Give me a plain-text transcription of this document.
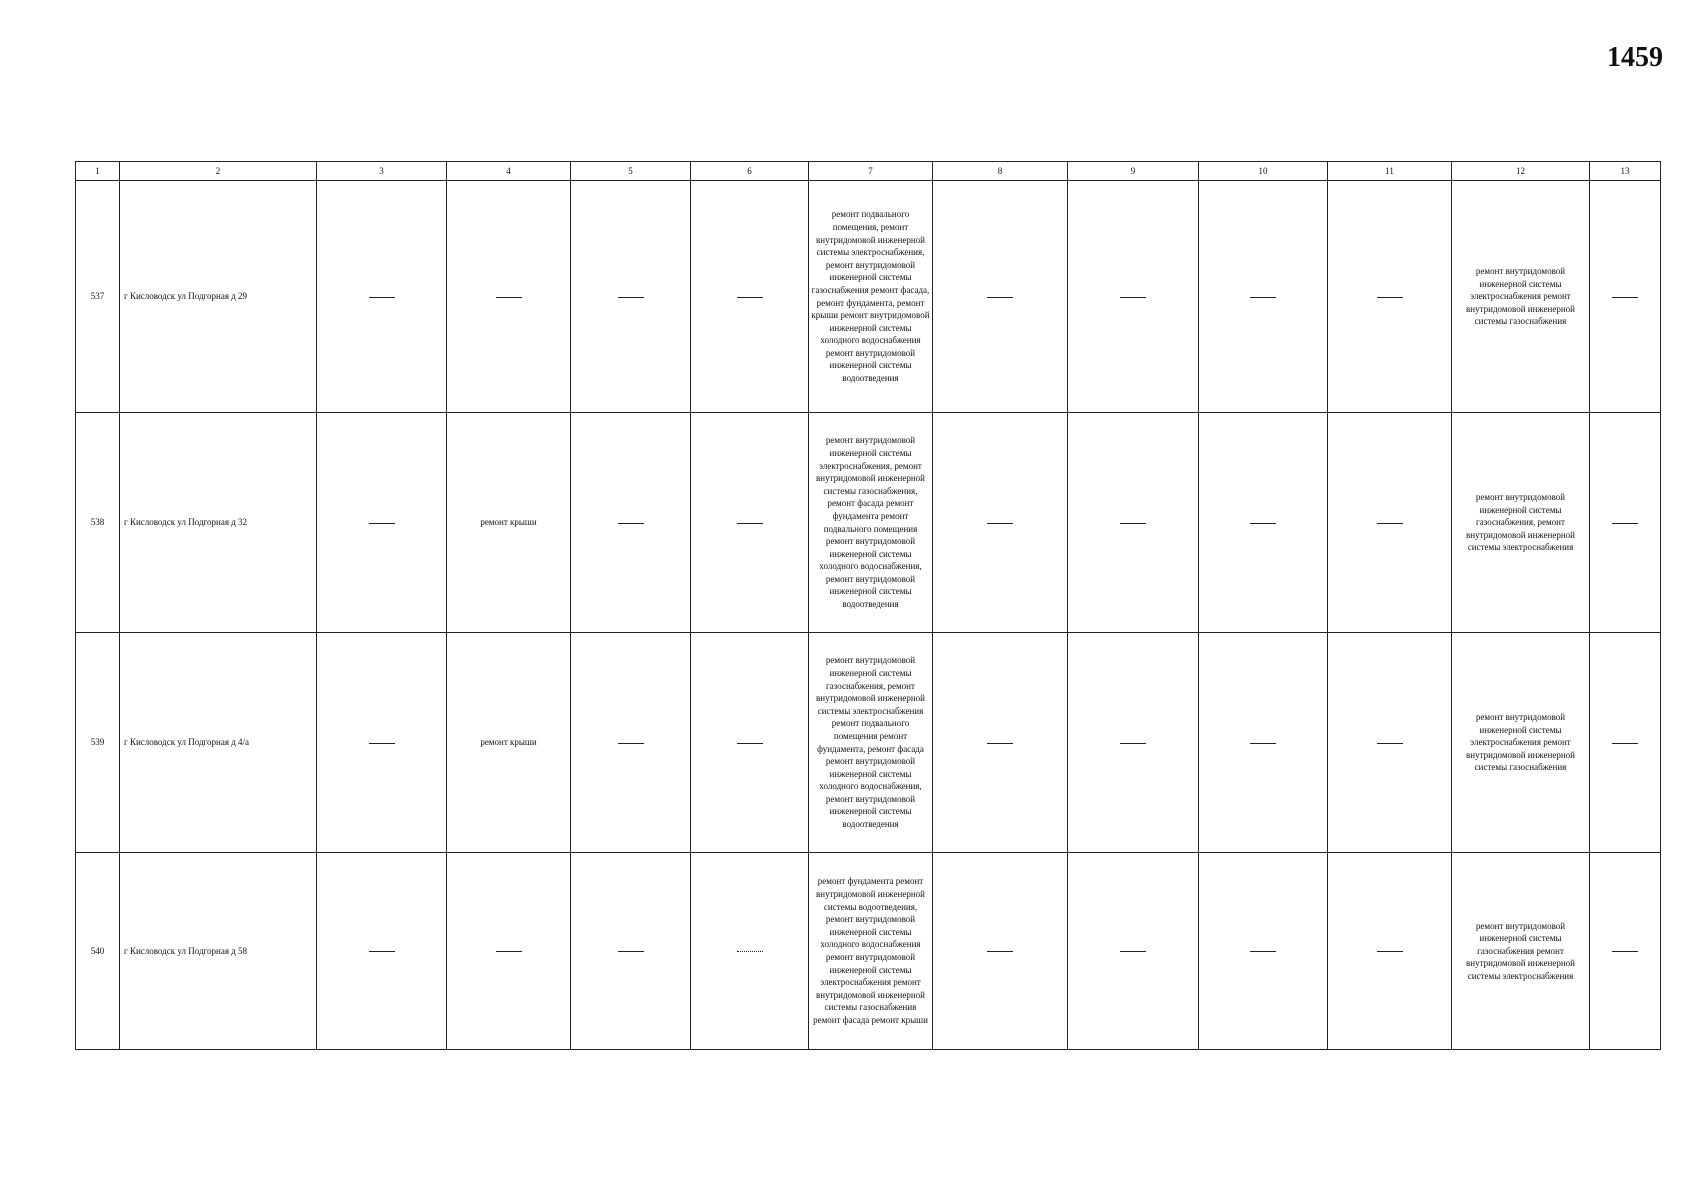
1459
1	2	3	4	5	6	7	8	9	10	11	12	13
537	г Кисловодск ул Подгорная д 29					ремонт подвального помещения, ремонт внутридомовой инженерной системы электроснабжения, ремонт внутридомовой инженерной системы газоснабжения ремонт фасада, ремонт фундамента, ремонт крыши ремонт внутридомовой инженерной системы холодного водоснабжения ремонт внутридомовой инженерной системы водоотведения					ремонт внутридомовой инженерной системы электроснабжения ремонт внутридомовой инженерной системы газоснабжения	
538	г Кисловодск ул Подгорная д 32		ремонт крыши			ремонт внутридомовой инженерной системы электроснабжения, ремонт внутридомовой инженерной системы газоснабжения, ремонт фасада ремонт фундамента ремонт подвального помещения ремонт внутридомовой инженерной системы холодного водоснабжения, ремонт внутридомовой инженерной системы водоотведения					ремонт внутридомовой инженерной системы газоснабжения, ремонт внутридомовой инженерной системы электроснабжения	
539	г Кисловодск ул Подгорная д 4/а		ремонт крыши			ремонт внутридомовой инженерной системы газоснабжения, ремонт внутридомовой инженерной системы электроснабжения ремонт подвального помещения ремонт фундамента, ремонт фасада ремонт внутридомовой инженерной системы холодного водоснабжения, ремонт внутридомовой инженерной системы водоотведения					ремонт внутридомовой инженерной системы электроснабжения ремонт внутридомовой инженерной системы газоснабжения	
540	г Кисловодск ул Подгорная д 58					ремонт фундамента ремонт внутридомовой инженерной системы водоотведения, ремонт внутридомовой инженерной системы холодного водоснабжения ремонт внутридомовой инженерной системы электроснабжения ремонт внутридомовой инженерной системы газоснабжения ремонт фасада ремонт крыши					ремонт внутридомовой инженерной системы газоснабжения ремонт внутридомовой инженерной системы электроснабжения	
